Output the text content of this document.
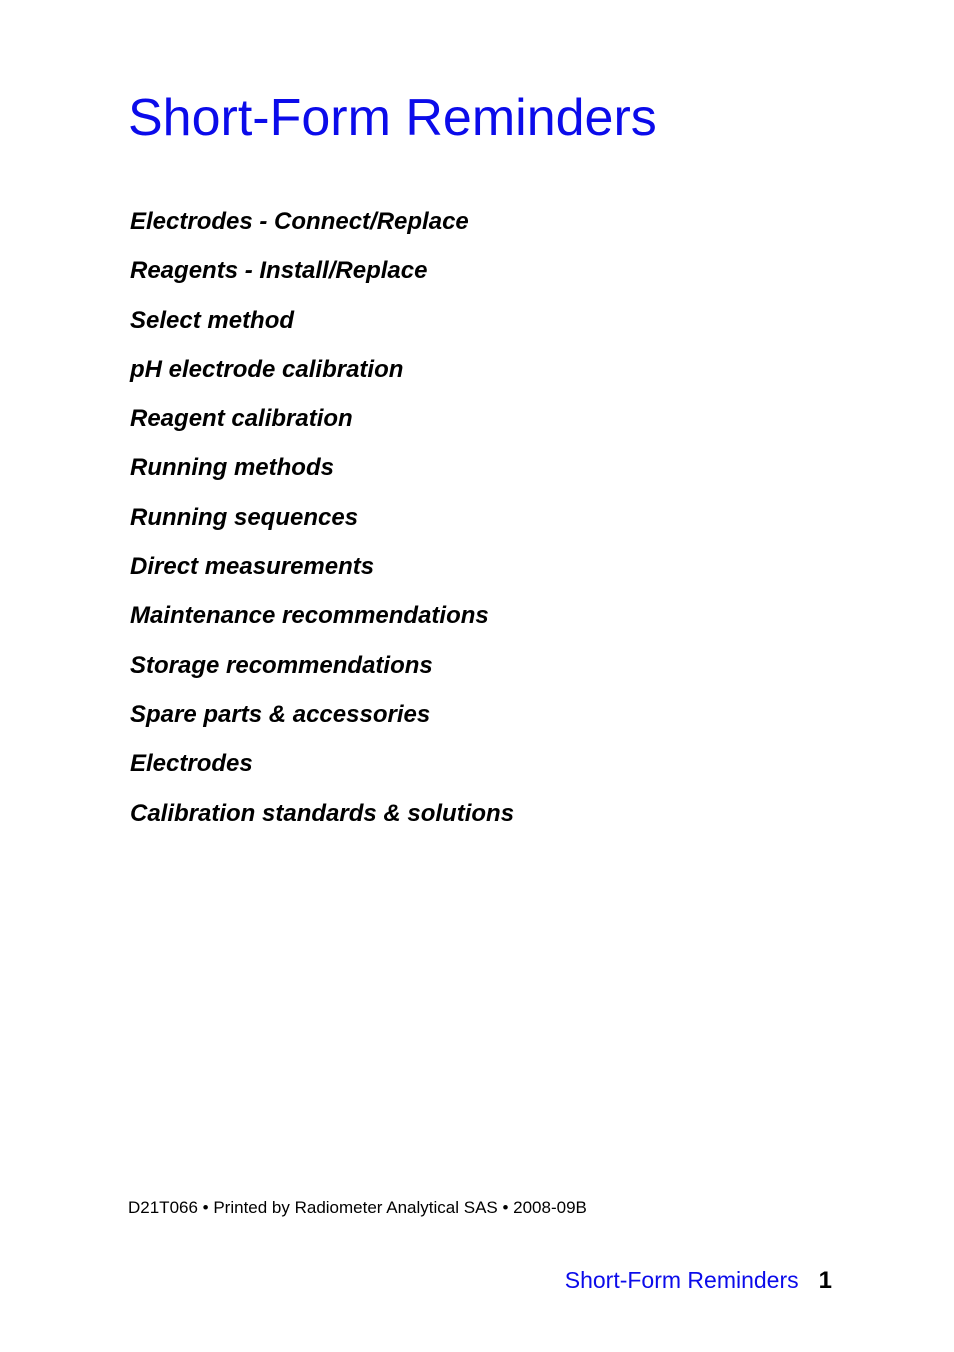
Short-Form Reminders
Electrodes - Connect/Replace
Reagents - Install/Replace
Select method
pH electrode calibration
Reagent calibration
Running methods
Running sequences
Direct measurements
Maintenance recommendations
Storage recommendations
Spare parts & accessories
Electrodes
Calibration standards & solutions

D21T066 • Printed by Radiometer Analytical SAS • 2008-09B

Short-Form Reminders 1
